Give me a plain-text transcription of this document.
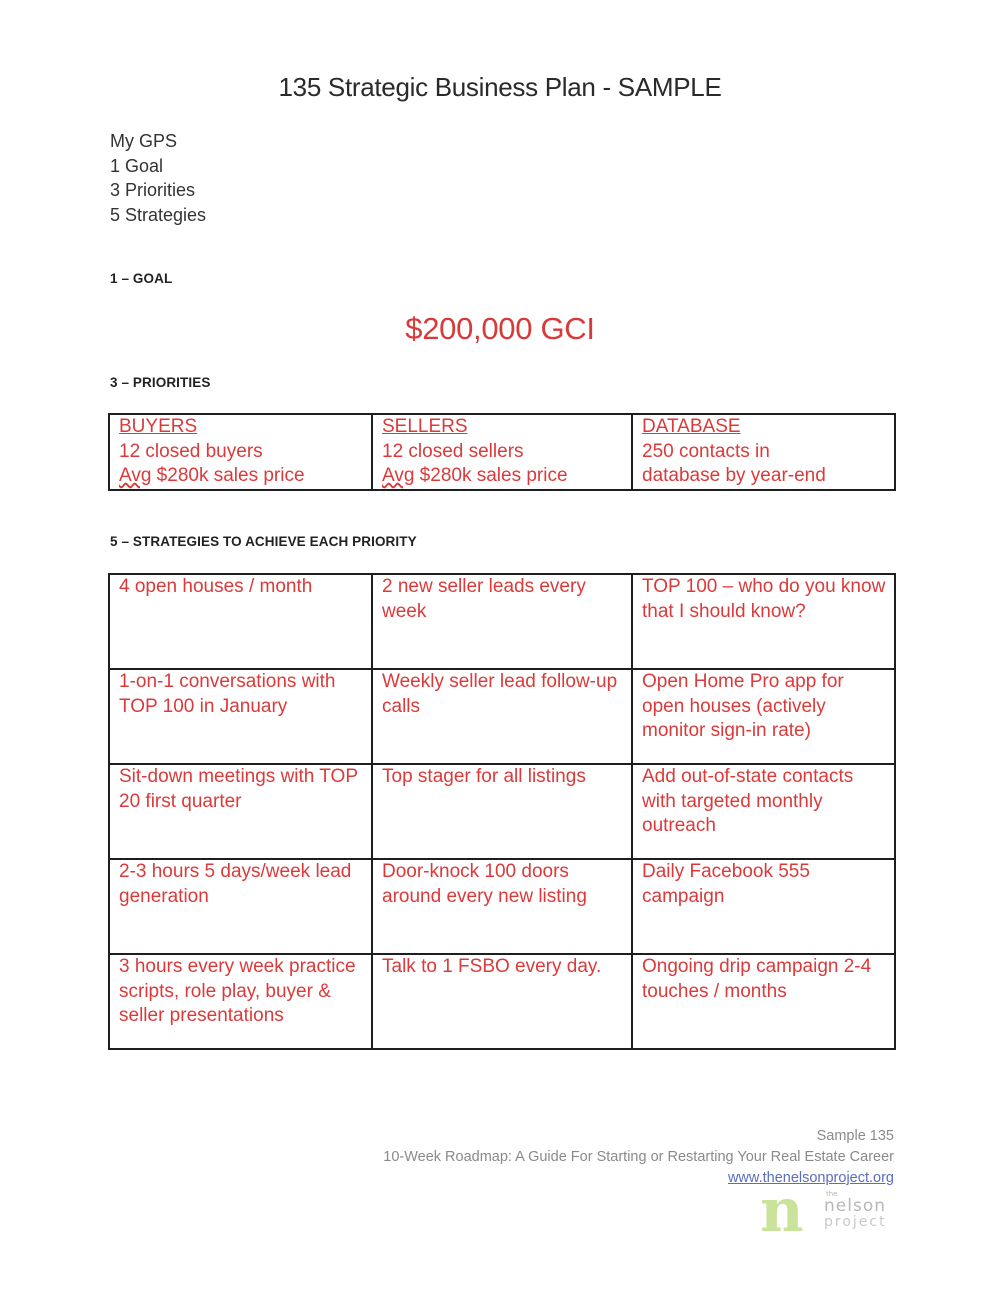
135 Strategic Business Plan - SAMPLE
My GPS
1 Goal
3 Priorities
5 Strategies
1 – GOAL
$200,000 GCI
3 – PRIORITIES
BUYERS
12 closed buyers
Avg $280k sales price

SELLERS
12 closed sellers
Avg $280k sales price

DATABASE
250 contacts in
database by year-end
5 – STRATEGIES TO ACHIEVE EACH PRIORITY
4 open houses / month	2 new seller leads every week	TOP 100 – who do you know that I should know?
1-on-1 conversations with TOP 100 in January	Weekly seller lead follow-up calls	Open Home Pro app for open houses (actively monitor sign-in rate)
Sit-down meetings with TOP 20 first quarter	Top stager for all listings	Add out-of-state contacts with targeted monthly outreach
2-3 hours 5 days/week lead generation	Door-knock 100 doors around every new listing	Daily Facebook 555 campaign
3 hours every week practice scripts, role play, buyer & seller presentations	Talk to 1 FSBO every day.	Ongoing drip campaign 2-4 touches / months
Sample 135
10-Week Roadmap: A Guide For Starting or Restarting Your Real Estate Career
www.thenelsonproject.org
n	the
nelson
project
